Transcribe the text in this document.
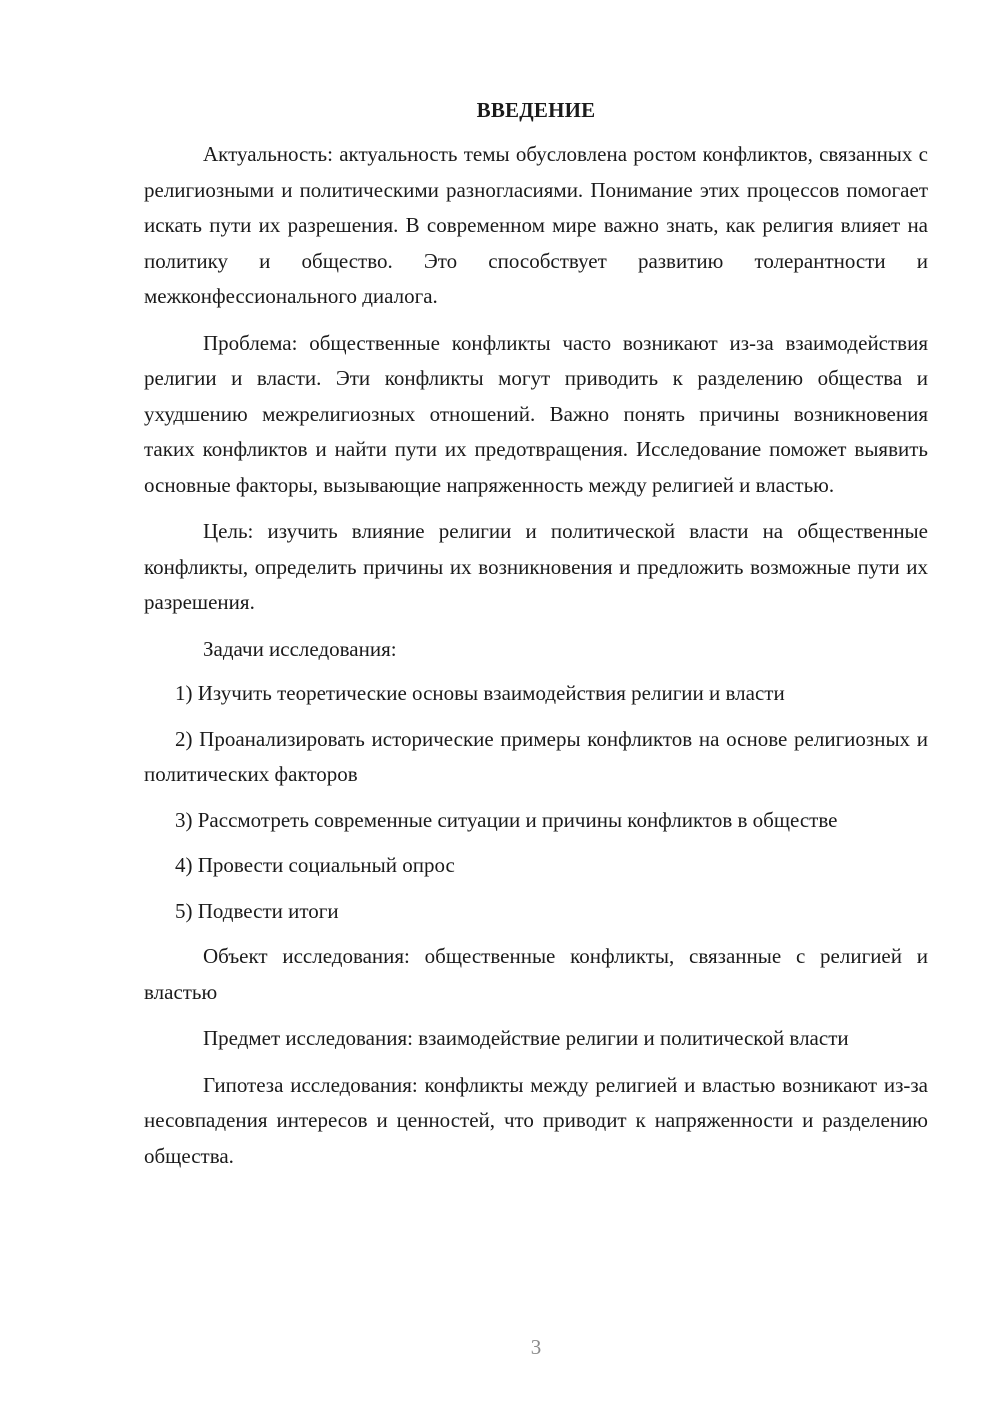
ВВЕДЕНИЕ

Актуальность: актуальность темы обусловлена ростом конфликтов, связанных с религиозными и политическими разногласиями. Понимание этих процессов помогает искать пути их разрешения. В современном мире важно знать, как религия влияет на политику и общество. Это способствует развитию толерантности и межконфессионального диалога.

Проблема: общественные конфликты часто возникают из-за взаимодействия религии и власти. Эти конфликты могут приводить к разделению общества и ухудшению межрелигиозных отношений. Важно понять причины возникновения таких конфликтов и найти пути их предотвращения. Исследование поможет выявить основные факторы, вызывающие напряженность между религией и властью.

Цель: изучить влияние религии и политической власти на общественные конфликты, определить причины их возникновения и предложить возможные пути их разрешения.

Задачи исследования:

1) Изучить теоретические основы взаимодействия религии и власти

2) Проанализировать исторические примеры конфликтов на основе религиозных и политических факторов

3) Рассмотреть современные ситуации и причины конфликтов в обществе

4) Провести социальный опрос

5) Подвести итоги

Объект исследования: общественные конфликты, связанные с религией и властью

Предмет исследования: взаимодействие религии и политической власти

Гипотеза исследования: конфликты между религией и властью возникают из-за несовпадения интересов и ценностей, что приводит к напряженности и разделению общества.

3
